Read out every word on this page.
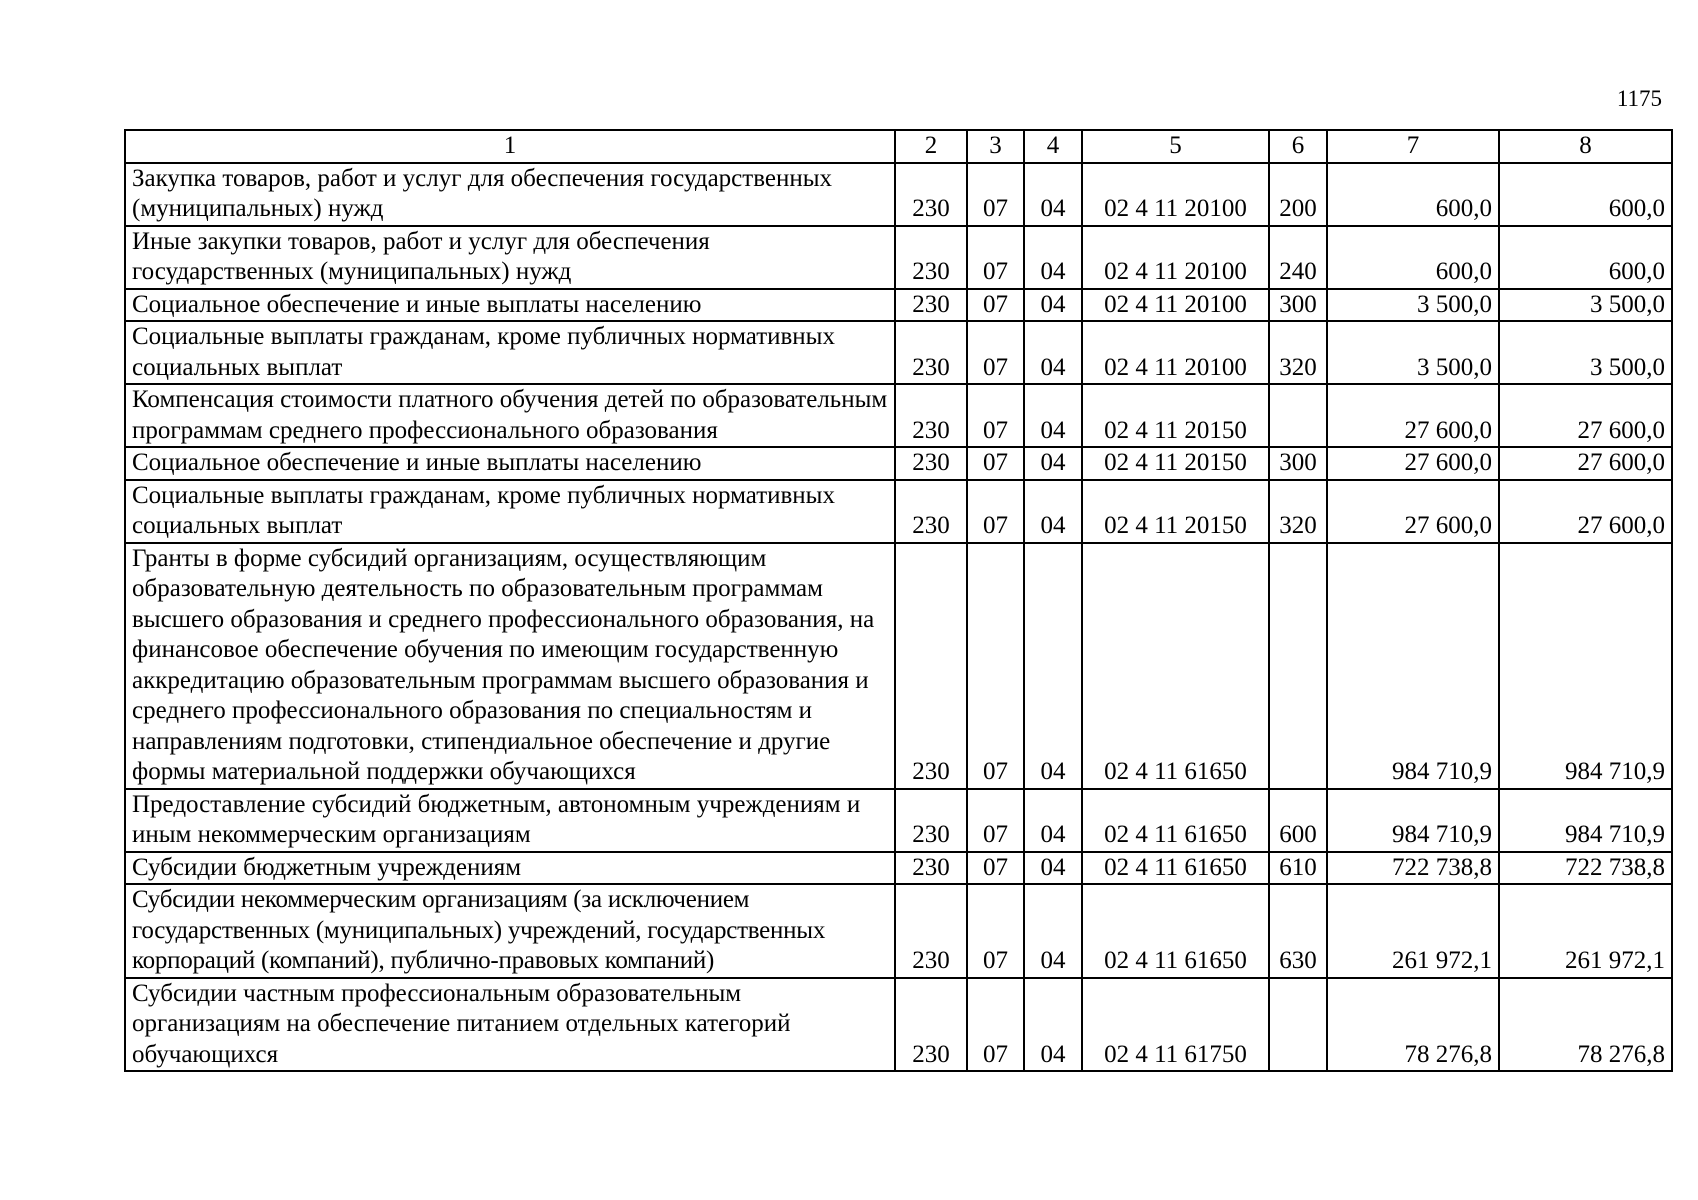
1175
1	2	3	4	5	6	7	8
Закупка товаров, работ и услуг для обеспечения государственных (муниципальных) нужд	230	07	04	02 4 11 20100	200	600,0	600,0
Иные закупки товаров, работ и услуг для обеспечения государственных (муниципальных) нужд	230	07	04	02 4 11 20100	240	600,0	600,0
Социальное обеспечение и иные выплаты населению	230	07	04	02 4 11 20100	300	3 500,0	3 500,0
Социальные выплаты гражданам, кроме публичных нормативных социальных выплат	230	07	04	02 4 11 20100	320	3 500,0	3 500,0
Компенсация стоимости платного обучения детей по образовательным программам среднего профессионального образования	230	07	04	02 4 11 20150		27 600,0	27 600,0
Социальное обеспечение и иные выплаты населению	230	07	04	02 4 11 20150	300	27 600,0	27 600,0
Социальные выплаты гражданам, кроме публичных нормативных социальных выплат	230	07	04	02 4 11 20150	320	27 600,0	27 600,0
Гранты в форме субсидий организациям, осуществляющим образовательную деятельность по образовательным программам высшего образования и среднего профессионального образования, на финансовое обеспечение обучения по имеющим государственную аккредитацию образовательным программам высшего образования и среднего профессионального образования по специальностям и направлениям подготовки, стипендиальное обеспечение и другие формы материальной поддержки обучающихся	230	07	04	02 4 11 61650		984 710,9	984 710,9
Предоставление субсидий бюджетным, автономным учреждениям и иным некоммерческим организациям	230	07	04	02 4 11 61650	600	984 710,9	984 710,9
Субсидии бюджетным учреждениям	230	07	04	02 4 11 61650	610	722 738,8	722 738,8
Субсидии некоммерческим организациям (за исключением государственных (муниципальных) учреждений, государственных корпораций (компаний), публично-правовых компаний)	230	07	04	02 4 11 61650	630	261 972,1	261 972,1
Субсидии частным профессиональным образовательным организациям на обеспечение питанием отдельных категорий обучающихся	230	07	04	02 4 11 61750		78 276,8	78 276,8
